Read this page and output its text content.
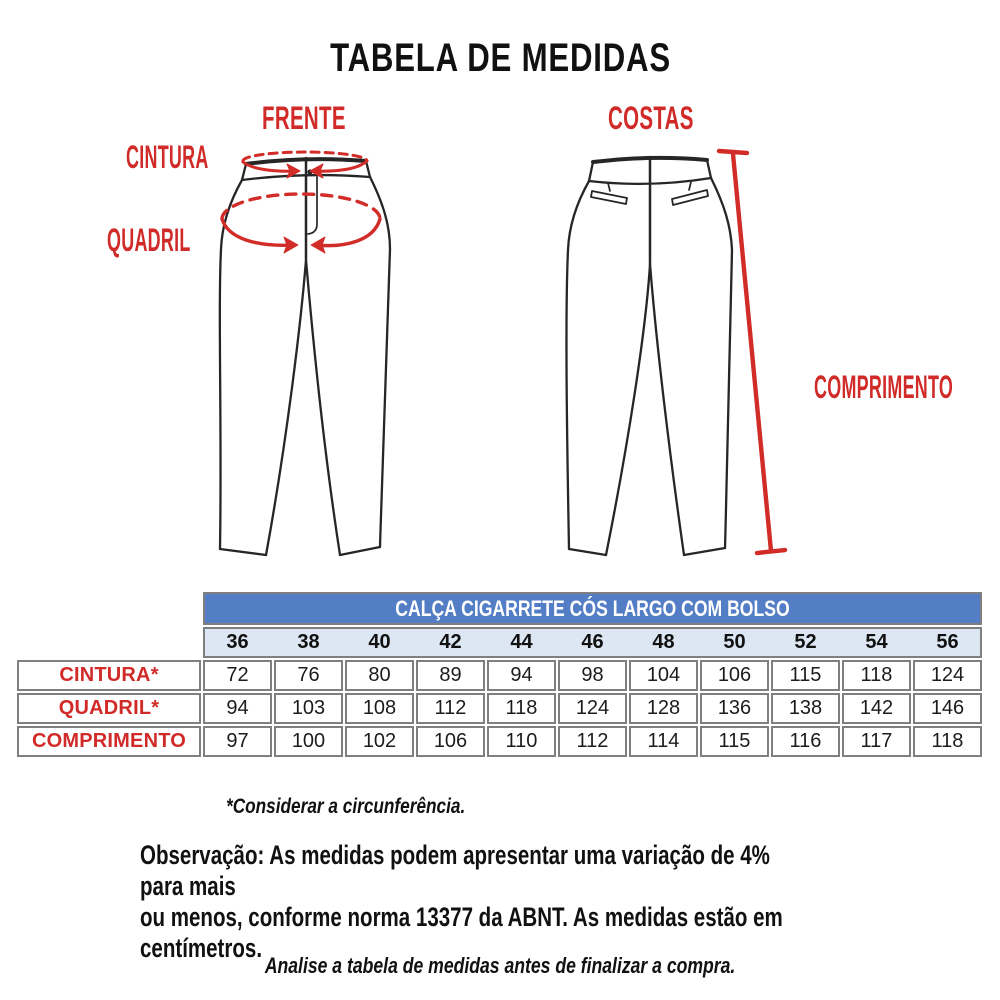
TABELA DE MEDIDAS
FRENTE	COSTAS
CINTURA
QUADRIL
COMPRIMENTO
	CALÇA CIGARRETE CÓS LARGO COM BOLSO										

36	38	40	42	44	46	48	50	52	54	56

CINTURA*	72	76	80	89	94	98	104	106	115	118	124
QUADRIL*	94	103	108	112	118	124	128	136	138	142	146
COMPRIMENTO	97	100	102	106	110	112	114	115	116	117	118
*Considerar a circunferência.
Observação: As medidas podem apresentar uma variação de 4% para mais
ou menos, conforme norma 13377 da ABNT. As medidas estão em
centímetros.
Analise a tabela de medidas antes de finalizar a compra.
